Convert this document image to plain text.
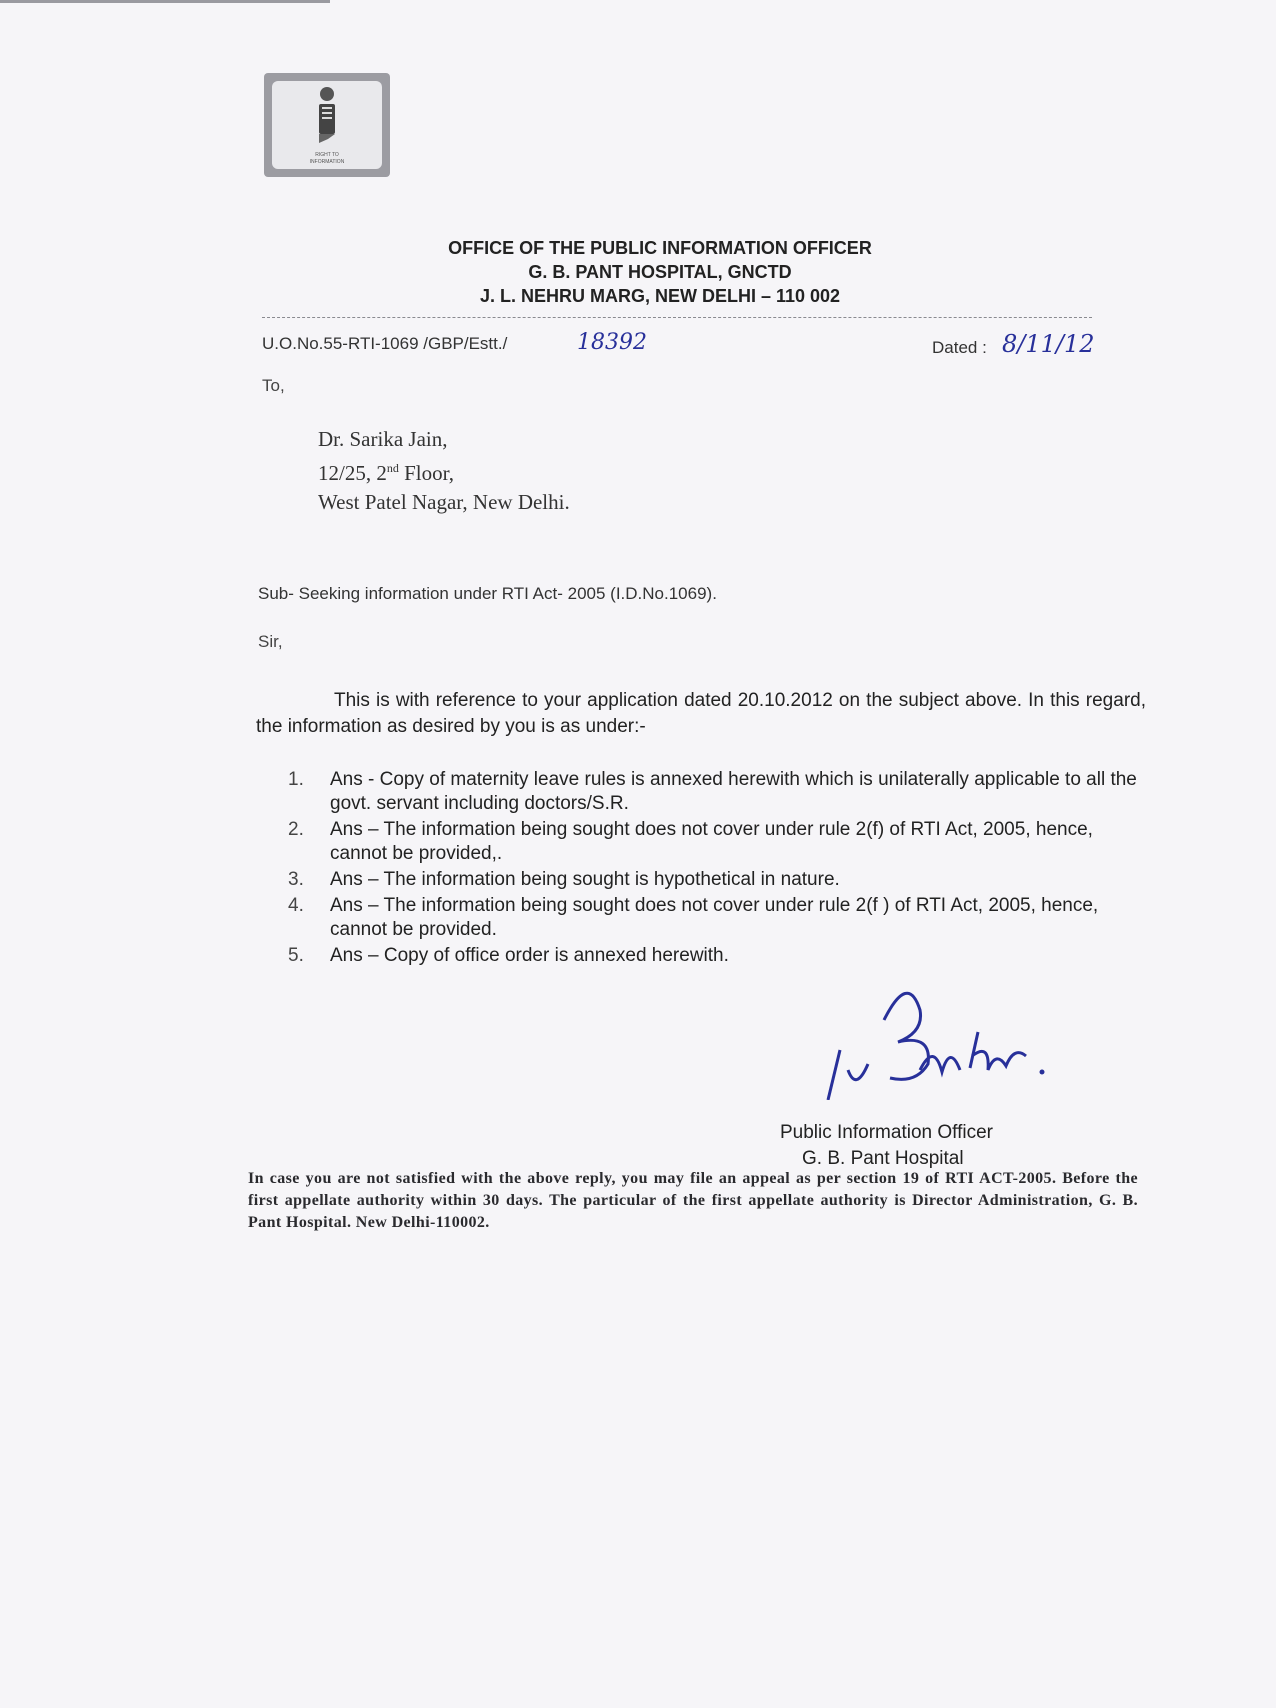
RIGHT TO
INFORMATION
OFFICE OF THE PUBLIC INFORMATION OFFICER
G. B. PANT HOSPITAL, GNCTD
J. L. NEHRU MARG, NEW DELHI – 110 002
U.O.No.55-RTI-1069 /GBP/Estt./	18392	Dated : 8/11/12
To,
Dr. Sarika Jain,
12/25, 2nd Floor,
West Patel Nagar, New Delhi.
Sub- Seeking information under RTI Act- 2005 (I.D.No.1069).
Sir,
This is with reference to your application dated 20.10.2012 on the subject above. In this regard, the information as desired by you is as under:-
1. Ans - Copy of maternity leave rules is annexed herewith which is unilaterally applicable to all the govt. servant including doctors/S.R.
2. Ans – The information being sought does not cover under rule 2(f) of RTI Act, 2005, hence, cannot be provided,.
3. Ans – The information being sought is hypothetical in nature.
4. Ans – The information being sought does not cover under rule 2(f ) of RTI Act, 2005, hence, cannot be provided.
5. Ans – Copy of office order is annexed herewith.
Public Information Officer
G. B. Pant Hospital
In case you are not satisfied with the above reply, you may file an appeal as per section 19 of RTI ACT-2005. Before the first appellate authority within 30 days. The particular of the first appellate authority is Director Administration, G. B. Pant Hospital. New Delhi-110002.
